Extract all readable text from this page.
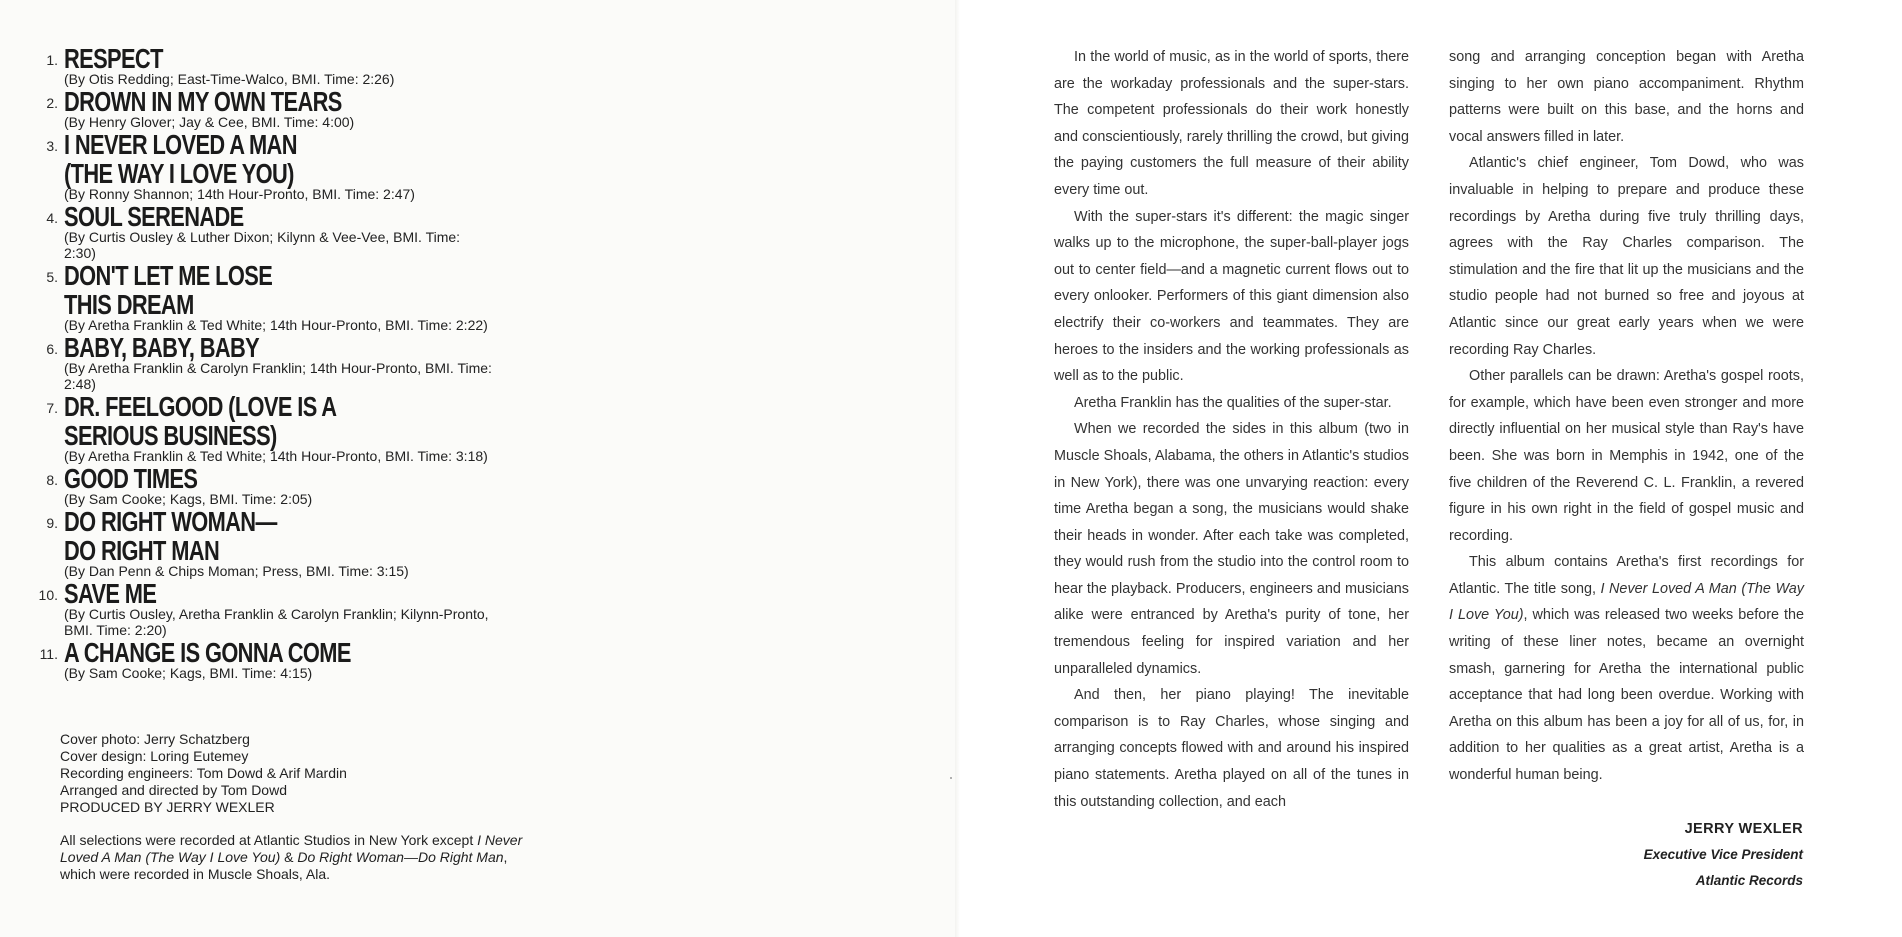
1. RESPECT
(By Otis Redding; East-Time-Walco, BMI. Time: 2:26)
2. DROWN IN MY OWN TEARS
(By Henry Glover; Jay & Cee, BMI. Time: 4:00)
3. I NEVER LOVED A MAN
(THE WAY I LOVE YOU)
(By Ronny Shannon; 14th Hour-Pronto, BMI. Time: 2:47)
4. SOUL SERENADE
(By Curtis Ousley & Luther Dixon; Kilynn & Vee-Vee, BMI. Time: 2:30)
5. DON'T LET ME LOSE
THIS DREAM
(By Aretha Franklin & Ted White; 14th Hour-Pronto, BMI. Time: 2:22)
6. BABY, BABY, BABY
(By Aretha Franklin & Carolyn Franklin; 14th Hour-Pronto, BMI. Time: 2:48)
7. DR. FEELGOOD (LOVE IS A
SERIOUS BUSINESS)
(By Aretha Franklin & Ted White; 14th Hour-Pronto, BMI. Time: 3:18)
8. GOOD TIMES
(By Sam Cooke; Kags, BMI. Time: 2:05)
9. DO RIGHT WOMAN—
DO RIGHT MAN
(By Dan Penn & Chips Moman; Press, BMI. Time: 3:15)
10. SAVE ME
(By Curtis Ousley, Aretha Franklin & Carolyn Franklin; Kilynn-Pronto, BMI. Time: 2:20)
11. A CHANGE IS GONNA COME
(By Sam Cooke; Kags, BMI. Time: 4:15)
Cover photo: Jerry Schatzberg
Cover design: Loring Eutemey
Recording engineers: Tom Dowd & Arif Mardin
Arranged and directed by Tom Dowd
PRODUCED BY JERRY WEXLER
All selections were recorded at Atlantic Studios in New York except I Never Loved A Man (The Way I Love You) & Do Right Woman—Do Right Man, which were recorded in Muscle Shoals, Ala.

In the world of music, as in the world of sports, there are the workaday professionals and the super-stars. The competent professionals do their work honestly and conscientiously, rarely thrilling the crowd, but giving the paying customers the full measure of their ability every time out.

With the super-stars it's different: the magic singer walks up to the microphone, the super-ball-player jogs out to center field—and a magnetic current flows out to every onlooker. Performers of this giant dimension also electrify their co-workers and teammates. They are heroes to the insiders and the working professionals as well as to the public.

Aretha Franklin has the qualities of the super-star.

When we recorded the sides in this album (two in Muscle Shoals, Alabama, the others in Atlantic's studios in New York), there was one unvarying reaction: every time Aretha began a song, the musicians would shake their heads in wonder. After each take was completed, they would rush from the studio into the control room to hear the playback. Producers, engineers and musicians alike were entranced by Aretha's purity of tone, her tremendous feeling for inspired variation and her unparalleled dynamics.

And then, her piano playing! The inevitable comparison is to Ray Charles, whose singing and arranging concepts flowed with and around his inspired piano statements. Aretha played on all of the tunes in this outstanding collection, and each

song and arranging conception began with Aretha singing to her own piano accompaniment. Rhythm patterns were built on this base, and the horns and vocal answers filled in later.

Atlantic's chief engineer, Tom Dowd, who was invaluable in helping to prepare and produce these recordings by Aretha during five truly thrilling days, agrees with the Ray Charles comparison. The stimulation and the fire that lit up the musicians and the studio people had not burned so free and joyous at Atlantic since our great early years when we were recording Ray Charles.

Other parallels can be drawn: Aretha's gospel roots, for example, which have been even stronger and more directly influential on her musical style than Ray's have been. She was born in Memphis in 1942, one of the five children of the Reverend C. L. Franklin, a revered figure in his own right in the field of gospel music and recording.

This album contains Aretha's first recordings for Atlantic. The title song, I Never Loved A Man (The Way I Love You), which was released two weeks before the writing of these liner notes, became an overnight smash, garnering for Aretha the international public acceptance that had long been overdue. Working with Aretha on this album has been a joy for all of us, for, in addition to her qualities as a great artist, Aretha is a wonderful human being.

JERRY WEXLER
Executive Vice President
Atlantic Records
